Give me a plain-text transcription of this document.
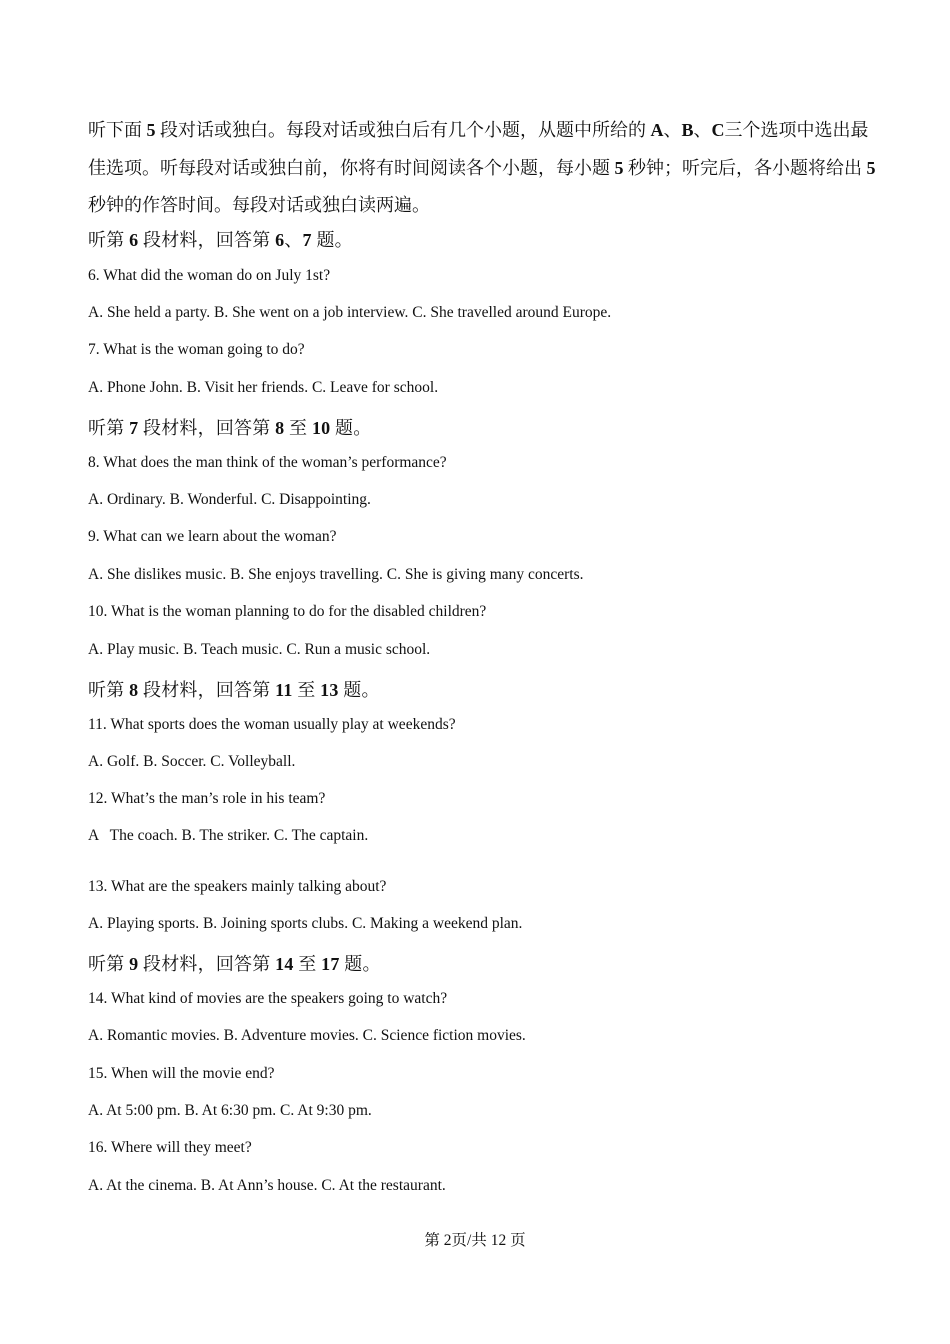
听下面 5 段对话或独白。每段对话或独白后有几个小题，从题中所给的 A、B、C三个选项中选出最佳选项。听每段对话或独白前，你将有时间阅读各个小题，每小题 5 秒钟；听完后，各小题将给出 5 秒钟的作答时间。每段对话或独白读两遍。
听第 6 段材料，回答第 6、7 题。
6. What did the woman do on July 1st?
A. She held a party. B. She went on a job interview. C. She travelled around Europe.
7. What is the woman going to do?
A. Phone John. B. Visit her friends. C. Leave for school.
听第 7 段材料，回答第 8 至 10 题。
8. What does the man think of the woman’s performance?
A. Ordinary. B. Wonderful. C. Disappointing.
9. What can we learn about the woman?
A. She dislikes music. B. She enjoys travelling. C. She is giving many concerts.
10. What is the woman planning to do for the disabled children?
A. Play music. B. Teach music. C. Run a music school.
听第 8 段材料，回答第 11 至 13 题。
11. What sports does the woman usually play at weekends?
A. Golf. B. Soccer. C. Volleyball.
12. What’s the man’s role in his team?
A   The coach. B. The striker. C. The captain.
13. What are the speakers mainly talking about?
A. Playing sports. B. Joining sports clubs. C. Making a weekend plan.
听第 9 段材料，回答第 14 至 17 题。
14. What kind of movies are the speakers going to watch?
A. Romantic movies. B. Adventure movies. C. Science fiction movies.
15. When will the movie end?
A. At 5:00 pm. B. At 6:30 pm. C. At 9:30 pm.
16. Where will they meet?
A. At the cinema. B. At Ann’s house. C. At the restaurant.
第 2页/共 12 页
